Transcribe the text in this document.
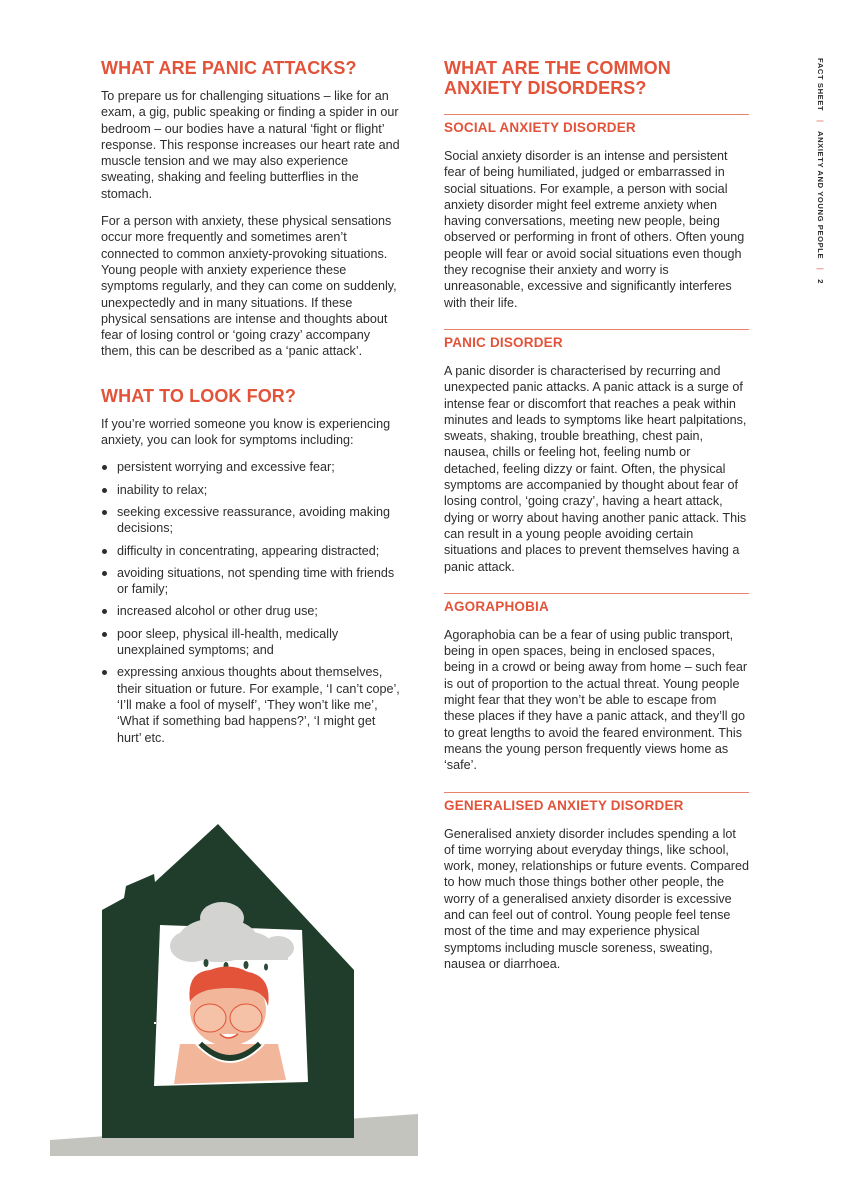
FACT SHEET | ANXIETY AND YOUNG PEOPLE | 2
WHAT ARE PANIC ATTACKS?

To prepare us for challenging situations – like for an exam, a gig, public speaking or finding a spider in our bedroom – our bodies have a natural ‘fight or flight’ response. This response increases our heart rate and muscle tension and we may also experience sweating, shaking and feeling butterflies in the stomach.

For a person with anxiety, these physical sensations occur more frequently and sometimes aren’t connected to common anxiety-provoking situations. Young people with anxiety experience these symptoms regularly, and they can come on suddenly, unexpectedly and in many situations. If these physical sensations are intense and thoughts about fear of losing control or ‘going crazy’ accompany them, this can be described as a ‘panic attack’.

WHAT TO LOOK FOR?

If you’re worried someone you know is experiencing anxiety, you can look for symptoms including:

persistent worrying and excessive fear;
inability to relax;
seeking excessive reassurance, avoiding making decisions;
difficulty in concentrating, appearing distracted;
avoiding situations, not spending time with friends or family;
increased alcohol or other drug use;
poor sleep, physical ill-health, medically unexplained symptoms; and
expressing anxious thoughts about themselves, their situation or future. For example, ‘I can’t cope’, ‘I’ll make a fool of myself’, ‘They won’t like me’, ‘What if something bad happens?’, ‘I might get hurt’ etc.
WHAT ARE THE COMMON ANXIETY DISORDERS?
SOCIAL ANXIETY DISORDER

Social anxiety disorder is an intense and persistent fear of being humiliated, judged or embarrassed in social situations. For example, a person with social anxiety disorder might feel extreme anxiety when having conversations, meeting new people, being observed or performing in front of others. Often young people will fear or avoid social situations even though they recognise their anxiety and worry is unreasonable, excessive and significantly interferes with their life.

PANIC DISORDER

A panic disorder is characterised by recurring and unexpected panic attacks. A panic attack is a surge of intense fear or discomfort that reaches a peak within minutes and leads to symptoms like heart palpitations, sweats, shaking, trouble breathing, chest pain, nausea, chills or feeling hot, feeling numb or detached, feeling dizzy or faint. Often, the physical symptoms are accompanied by thought about fear of losing control, ‘going crazy’, having a heart attack, dying or worry about having another panic attack. This can result in a young people avoiding certain situations and places to prevent themselves having a panic attack.

AGORAPHOBIA

Agoraphobia can be a fear of using public transport, being in open spaces, being in enclosed spaces, being in a crowd or being away from home – such fear is out of proportion to the actual threat. Young people might fear that they won’t be able to escape from these places if they have a panic attack, and they’ll go to great lengths to avoid the feared environment. This means the young person frequently views home as ‘safe’.

GENERALISED ANXIETY DISORDER

Generalised anxiety disorder includes spending a lot of time worrying about everyday things, like school, work, money, relationships or future events. Compared to how much those things bother other people, the worry of a generalised anxiety disorder is excessive and can feel out of control. Young people feel tense most of the time and may experience physical symptoms including muscle soreness, sweating, nausea or diarrhoea.
